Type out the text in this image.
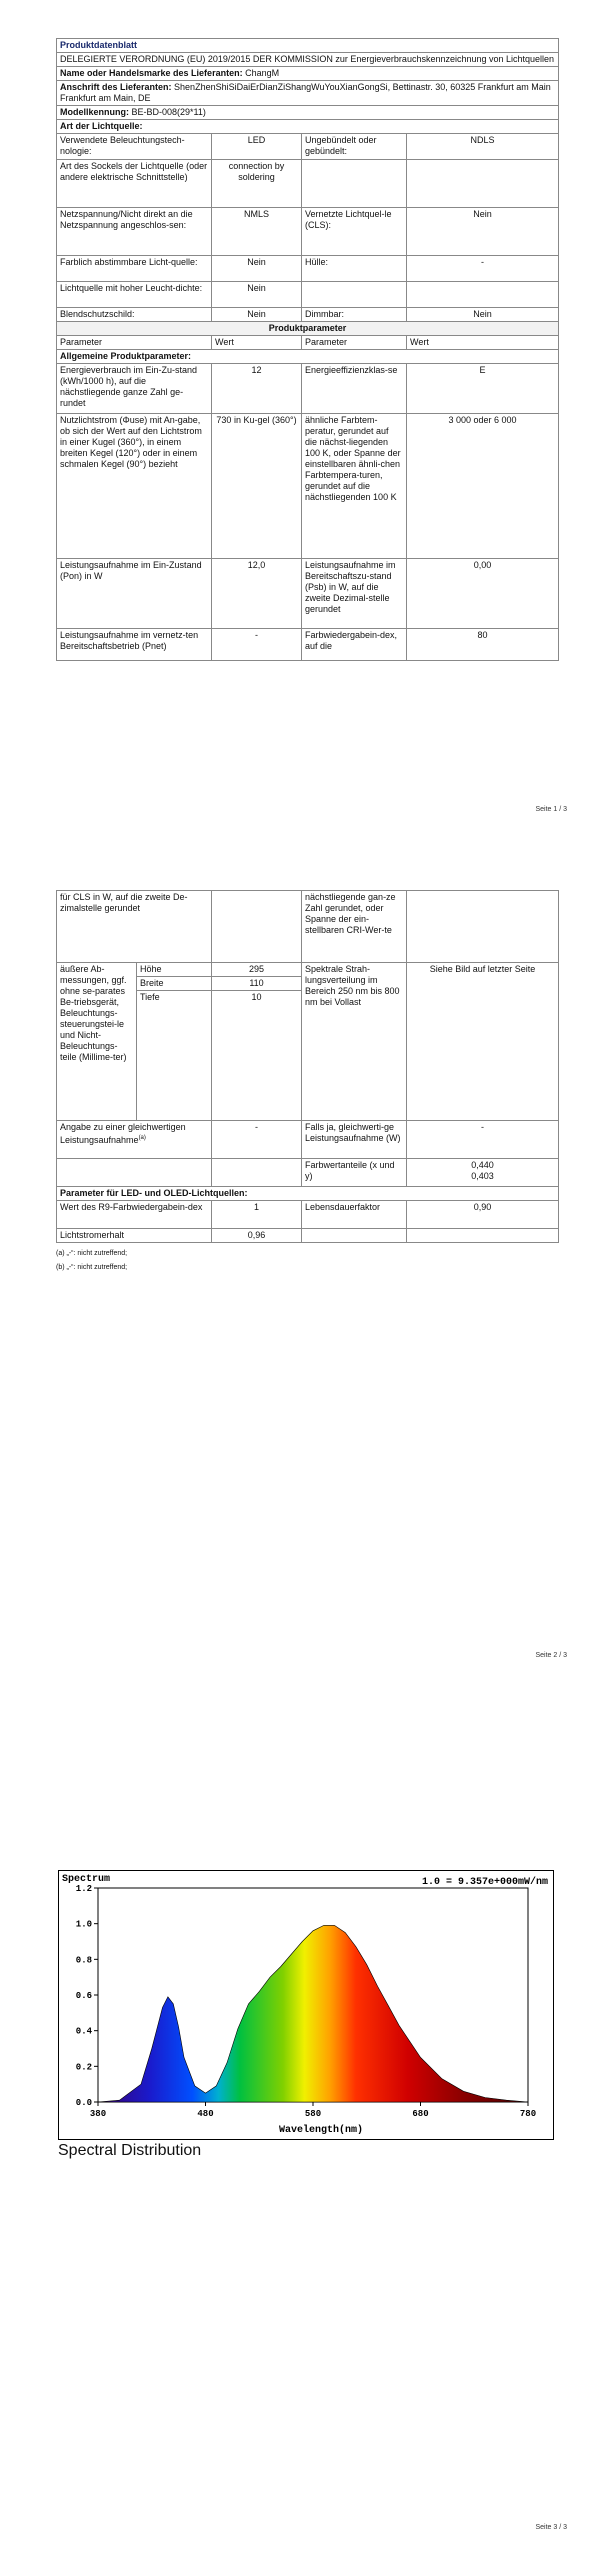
Produktdatenblatt			
DELEGIERTE VERORDNUNG (EU) 2019/2015 DER KOMMISSION zur Energieverbrauchskennzeichnung von Lichtquellen			
Name oder Handelsmarke des Lieferanten: ChangM			
Anschrift des Lieferanten: ShenZhenShiSiDaiErDianZiShangWuYouXianGongSi, Bettinastr. 30, 60325 Frankfurt am Main Frankfurt am Main, DE			
Modellkennung: BE-BD-008(29*11)			
Art der Lichtquelle:			
Verwendete Beleuchtungstech-nologie:	LED	Ungebündelt oder gebündelt:	NDLS
Art des Sockels der Lichtquelle (oder andere elektrische Schnittstelle)	connection by soldering		
Netzspannung/Nicht direkt an die Netzspannung angeschlos-sen:	NMLS	Vernetzte Lichtquel-le (CLS):	Nein
Farblich abstimmbare Licht-quelle:	Nein	Hülle:	-
Lichtquelle mit hoher Leucht-dichte:	Nein		
Blendschutzschild:	Nein	Dimmbar:	Nein
Produktparameter			
Parameter	Wert	Parameter	Wert
Allgemeine Produktparameter:			
Energieverbrauch im Ein-Zu-stand (kWh/1000 h), auf die nächstliegende ganze Zahl ge-rundet	12	Energieeffizienzklas-se	E
Nutzlichtstrom (Φuse) mit An-gabe, ob sich der Wert auf den Lichtstrom in einer Kugel (360°), in einem breiten Kegel (120°) oder in einem schmalen Kegel (90°) bezieht	730 in Ku-gel (360°)	ähnliche Farbtem-peratur, gerundet auf die nächst-liegenden 100 K, oder Spanne der einstellbaren ähnli-chen Farbtempera-turen, gerundet auf die nächstliegenden 100 K	3 000 oder 6 000
Leistungsaufnahme im Ein-Zustand (Pon) in W	12,0	Leistungsaufnahme im Bereitschaftszu-stand (Psb) in W, auf die zweite Dezimal-stelle gerundet	0,00
Leistungsaufnahme im vernetz-ten Bereitschaftsbetrieb (Pnet)	-	Farbwiedergabein-dex, auf die	80
Seite 1 / 3
für CLS in W, auf die zweite De-zimalstelle gerundet			nächstliegende gan-ze Zahl gerundet, oder Spanne der ein-stellbaren CRI-Wer-te	
äußere Ab-messungen, ggf. ohne se-parates Be-triebsgerät, Beleuchtungs-steuerungstei-le und Nicht-Beleuchtungs-teile (Millime-ter)	Höhe	295	Spektrale Strah-lungsverteilung im Bereich 250 nm bis 800 nm bei Vollast	Siehe Bild auf letzter Seite
	Breite	110		
	Tiefe	10		
Angabe zu einer gleichwertigen Leistungsaufnahme$^{(a)}$		-	Falls ja, gleichwerti-ge Leistungsaufnahme (W)	-
			Farbwertanteile (x und y)	0,440
0,403

Parameter für LED- und OLED-Lichtquellen:				
Wert des R9-Farbwiedergabein-dex		1	Lebensdauerfaktor	0,90
Lichtstromerhalt		0,96		
(a) „-“: nicht zutreffend;
(b) „-“: nicht zutreffend;
Seite 2 / 3
Spectrum	1.0 = 9.357e+000mW/nm
0.0
0.2
0.4
0.6
0.8
1.0
1.2
380	480	580	680	780
Wavelength(nm)
Spectral Distribution
Seite 3 / 3
